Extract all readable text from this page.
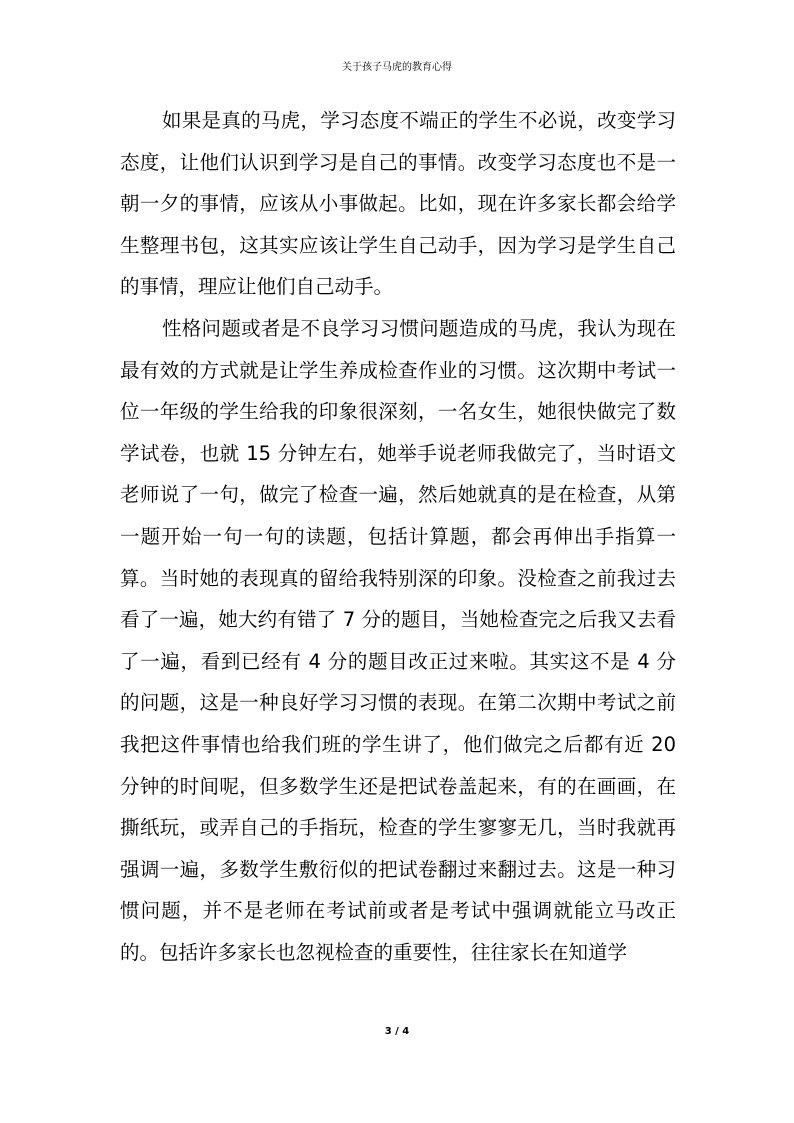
关于孩子马虎的教育心得

如果是真的马虎，学习态度不端正的学生不必说，改变学习态度，让他们认识到学习是自己的事情。改变学习态度也不是一朝一夕的事情，应该从小事做起。比如，现在许多家长都会给学生整理书包，这其实应该让学生自己动手，因为学习是学生自己的事情，理应让他们自己动手。

性格问题或者是不良学习习惯问题造成的马虎，我认为现在最有效的方式就是让学生养成检查作业的习惯。这次期中考试一位一年级的学生给我的印象很深刻，一名女生，她很快做完了数学试卷，也就 15 分钟左右，她举手说老师我做完了，当时语文老师说了一句，做完了检查一遍，然后她就真的是在检查，从第一题开始一句一句的读题，包括计算题，都会再伸出手指算一算。当时她的表现真的留给我特别深的印象。没检查之前我过去看了一遍，她大约有错了 7 分的题目，当她检查完之后我又去看了一遍，看到已经有 4 分的题目改正过来啦。其实这不是 4 分的问题，这是一种良好学习习惯的表现。在第二次期中考试之前我把这件事情也给我们班的学生讲了，他们做完之后都有近 20 分钟的时间呢，但多数学生还是把试卷盖起来，有的在画画，在撕纸玩，或弄自己的手指玩，检查的学生寥寥无几，当时我就再强调一遍，多数学生敷衍似的把试卷翻过来翻过去。这是一种习惯问题，并不是老师在考试前或者是考试中强调就能立马改正的。包括许多家长也忽视检查的重要性，往往家长在知道学

3 / 4
